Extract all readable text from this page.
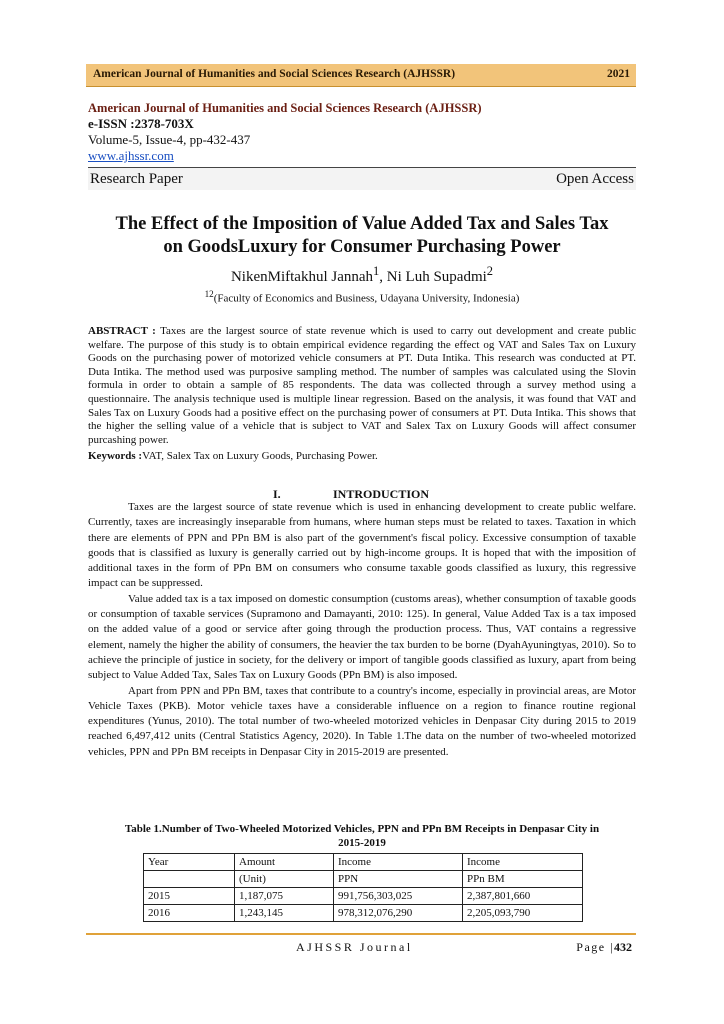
American Journal of Humanities and Social Sciences Research (AJHSSR)	2021
American Journal of Humanities and Social Sciences Research (AJHSSR)
e-ISSN :2378-703X
Volume-5, Issue-4, pp-432-437
www.ajhssr.com
Research Paper	Open Access
The Effect of the Imposition of Value Added Tax and Sales Tax
on GoodsLuxury for Consumer Purchasing Power
NikenMiftakhul Jannah$^1$, Ni Luh Supadmi$^2$
$^{12}$(Faculty of Economics and Business, Udayana University, Indonesia)
ABSTRACT : Taxes are the largest source of state revenue which is used to carry out development and create public welfare. The purpose of this study is to obtain empirical evidence regarding the effect og VAT and Sales Tax on Luxury Goods on the purchasing power of motorized vehicle consumers at PT. Duta Intika. This research was conducted at PT. Duta Intika. The method used was purposive sampling method. The number of samples was calculated using the Slovin formula in order to obtain a sample of 85 respondents. The data was collected through a survey method using a questionnaire. The analysis technique used is multiple linear regression. Based on the analysis, it was found that VAT and Sales Tax on Luxury Goods had a positive effect on the purchasing power of consumers at PT. Duta Intika. This shows that the higher the selling value of a vehicle that is subject to VAT and Salex Tax on Luxury Goods will affect consumer purcashing power.
Keywords :VAT, Salex Tax on Luxury Goods, Purchasing Power.
I.	INTRODUCTION

Taxes are the largest source of state revenue which is used in enhancing development to create public welfare. Currently, taxes are increasingly inseparable from humans, where human steps must be related to taxes. Taxation in which there are elements of PPN and PPn BM is also part of the government's fiscal policy. Excessive consumption of taxable goods that is classified as luxury is generally carried out by high-income groups. It is hoped that with the imposition of additional taxes in the form of PPn BM on consumers who consume taxable goods classified as luxury, this regressive impact can be suppressed.

Value added tax is a tax imposed on domestic consumption (customs areas), whether consumption of taxable goods or consumption of taxable services (Supramono and Damayanti, 2010: 125). In general, Value Added Tax is a tax imposed on the added value of a good or service after going through the production process. Thus, VAT contains a regressive element, namely the higher the ability of consumers, the heavier the tax burden to be borne (DyahAyuningtyas, 2010). So to achieve the principle of justice in society, for the delivery or import of tangible goods classified as luxury, apart from being subject to Value Added Tax, Sales Tax on Luxury Goods (PPn BM) is also imposed.

Apart from PPN and PPn BM, taxes that contribute to a country's income, especially in provincial areas, are Motor Vehicle Taxes (PKB). Motor vehicle taxes have a considerable influence on a region to finance routine regional expenditures (Yunus, 2010). The total number of two-wheeled motorized vehicles in Denpasar City during 2015 to 2019 reached 6,497,412 units (Central Statistics Agency, 2020). In Table 1.The data on the number of two-wheeled motorized vehicles, PPN and PPn BM receipts in Denpasar City in 2015-2019 are presented.

Table 1.Number of Two-Wheeled Motorized Vehicles, PPN and PPn BM Receipts in Denpasar City in
2015-2019
Year	Amount	Income	Income
	(Unit)	PPN	PPn BM
2015	1,187,075	991,756,303,025	2,387,801,660
2016	1,243,145	978,312,076,290	2,205,093,790
AJHSSR Journal	Page |432
